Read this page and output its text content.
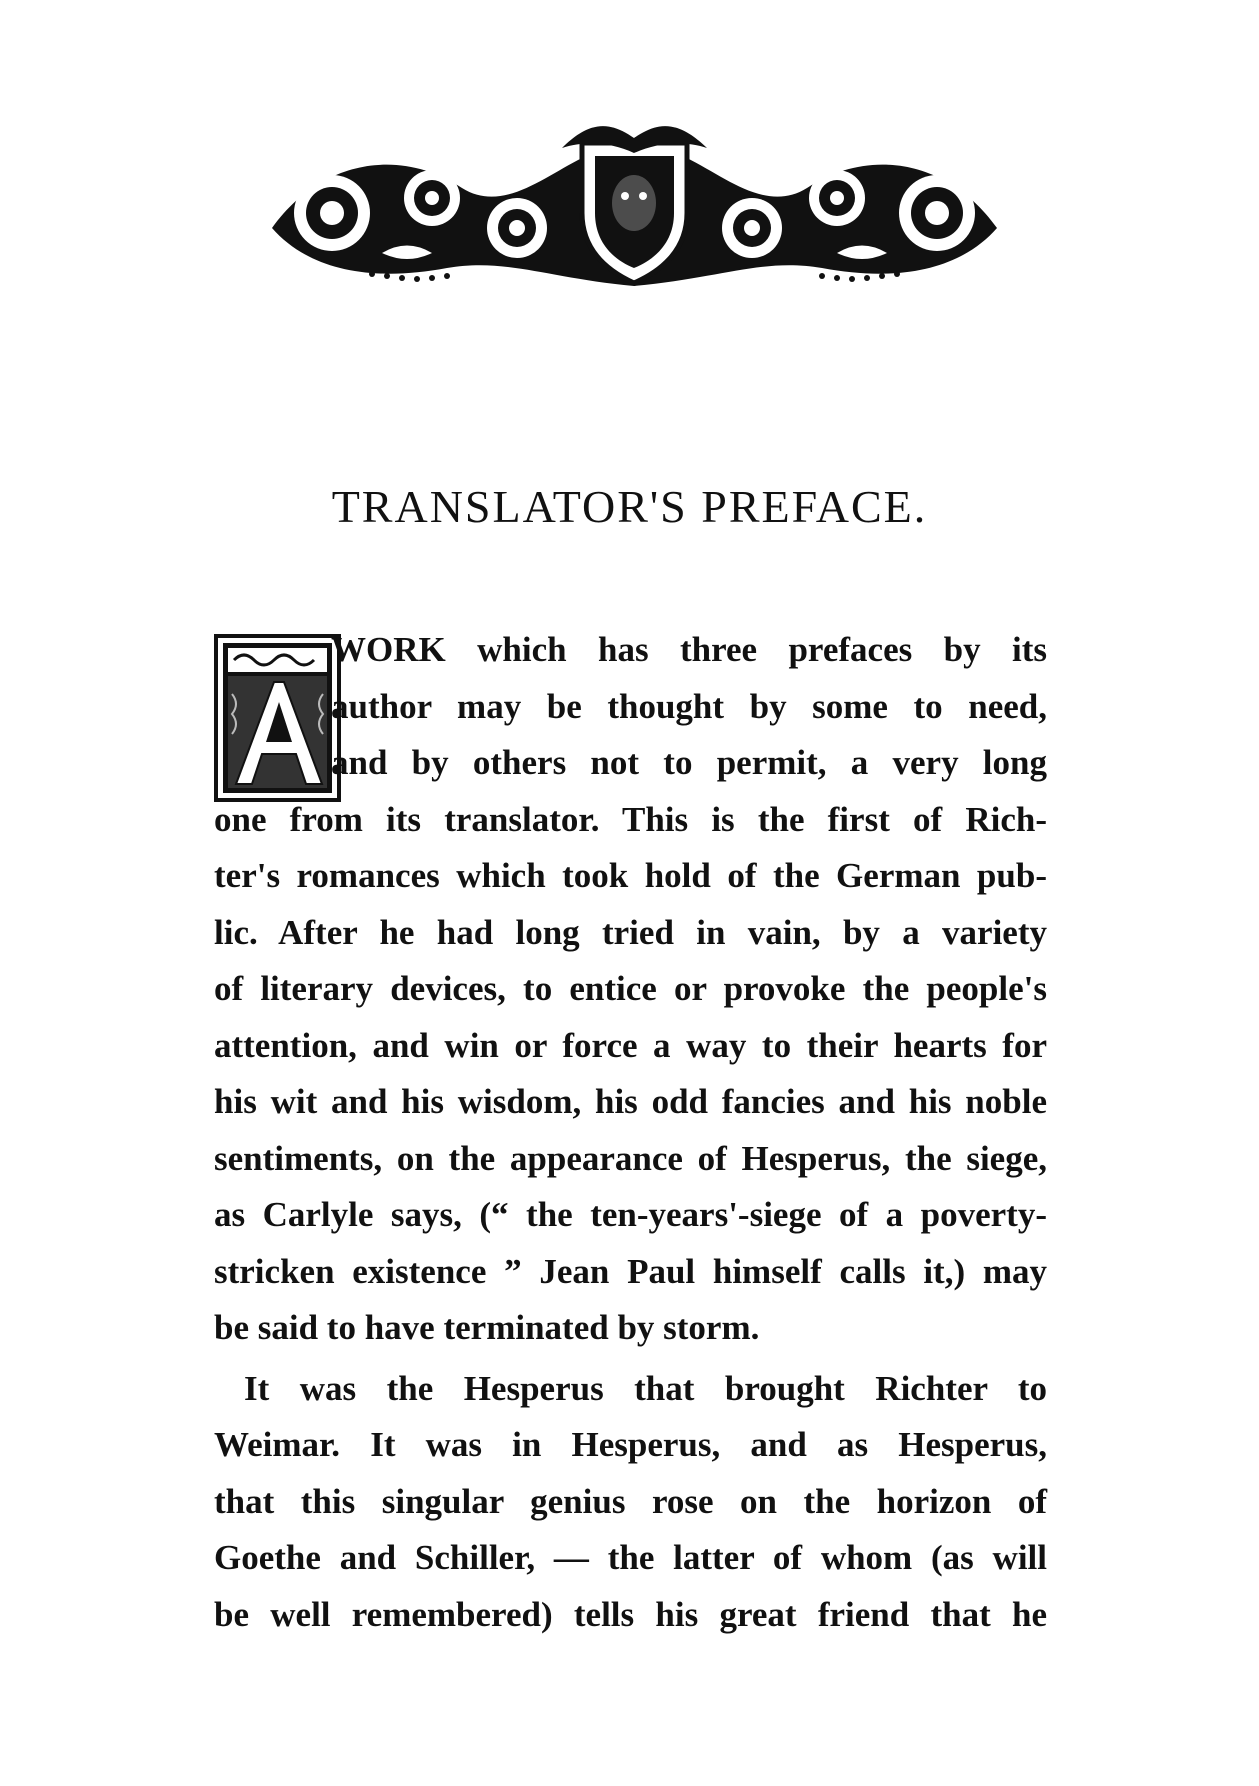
TRANSLATOR'S PREFACE.
WORK which has three prefaces by its
author may be thought by some to need,
and by others not to permit, a very long
one from its translator. This is the first of Rich-
ter's romances which took hold of the German pub-
lic. After he had long tried in vain, by a variety
of literary devices, to entice or provoke the people's
attention, and win or force a way to their hearts for
his wit and his wisdom, his odd fancies and his noble
sentiments, on the appearance of Hesperus, the siege,
as Carlyle says, (“ the ten-years'-siege of a poverty-
stricken existence ” Jean Paul himself calls it,) may
be said to have terminated by storm.
It was the Hesperus that brought Richter to
Weimar. It was in Hesperus, and as Hesperus,
that this singular genius rose on the horizon of
Goethe and Schiller, — the latter of whom (as will
be well remembered) tells his great friend that he
